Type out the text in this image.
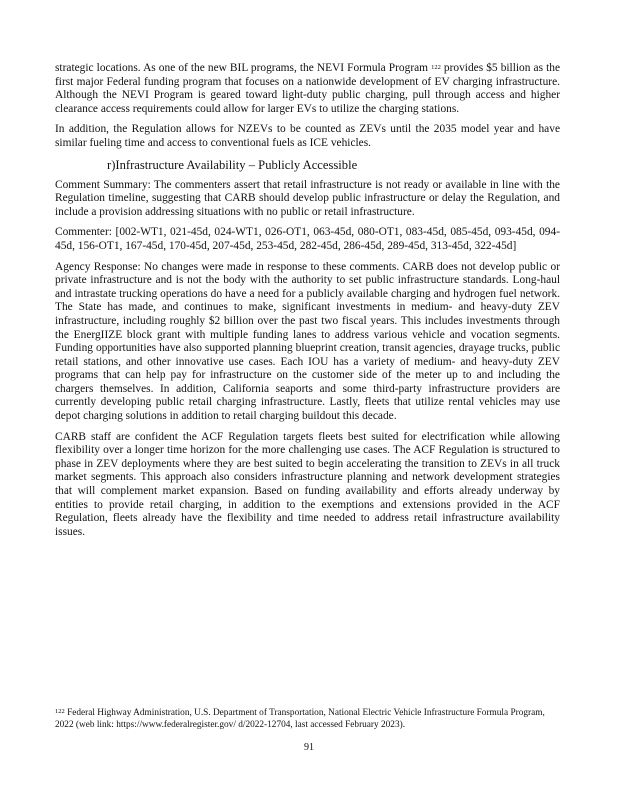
strategic locations. As one of the new BIL programs, the NEVI Formula Program $^{122}$ provides $5 billion as the first major Federal funding program that focuses on a nationwide development of EV charging infrastructure. Although the NEVI Program is geared toward light-duty public charging, pull through access and higher clearance access requirements could allow for larger EVs to utilize the charging stations.

In addition, the Regulation allows for NZEVs to be counted as ZEVs until the 2035 model year and have similar fueling time and access to conventional fuels as ICE vehicles.

r)Infrastructure Availability – Publicly Accessible

Comment Summary: The commenters assert that retail infrastructure is not ready or available in line with the Regulation timeline, suggesting that CARB should develop public infrastructure or delay the Regulation, and include a provision addressing situations with no public or retail infrastructure.

Commenter: [002-WT1, 021-45d, 024-WT1, 026-OT1, 063-45d, 080-OT1, 083-45d, 085-45d, 093-45d, 094-45d, 156-OT1, 167-45d, 170-45d, 207-45d, 253-45d, 282-45d, 286-45d, 289-45d, 313-45d, 322-45d]

Agency Response: No changes were made in response to these comments. CARB does not develop public or private infrastructure and is not the body with the authority to set public infrastructure standards. Long-haul and intrastate trucking operations do have a need for a publicly available charging and hydrogen fuel network. The State has made, and continues to make, significant investments in medium- and heavy-duty ZEV infrastructure, including roughly $2 billion over the past two fiscal years. This includes investments through the EnergIIZE block grant with multiple funding lanes to address various vehicle and vocation segments. Funding opportunities have also supported planning blueprint creation, transit agencies, drayage trucks, public retail stations, and other innovative use cases. Each IOU has a variety of medium- and heavy-duty ZEV programs that can help pay for infrastructure on the customer side of the meter up to and including the chargers themselves. In addition, California seaports and some third-party infrastructure providers are currently developing public retail charging infrastructure. Lastly, fleets that utilize rental vehicles may use depot charging solutions in addition to retail charging buildout this decade.

CARB staff are confident the ACF Regulation targets fleets best suited for electrification while allowing flexibility over a longer time horizon for the more challenging use cases. The ACF Regulation is structured to phase in ZEV deployments where they are best suited to begin accelerating the transition to ZEVs in all truck market segments. This approach also considers infrastructure planning and network development strategies that will complement market expansion. Based on funding availability and efforts already underway by entities to provide retail charging, in addition to the exemptions and extensions provided in the ACF Regulation, fleets already have the flexibility and time needed to address retail infrastructure availability issues.

$^{122}$ Federal Highway Administration, U.S. Department of Transportation, National Electric Vehicle Infrastructure Formula Program, 2022 (web link: https://www.federalregister.gov/ d/2022-12704, last accessed February 2023).
91
